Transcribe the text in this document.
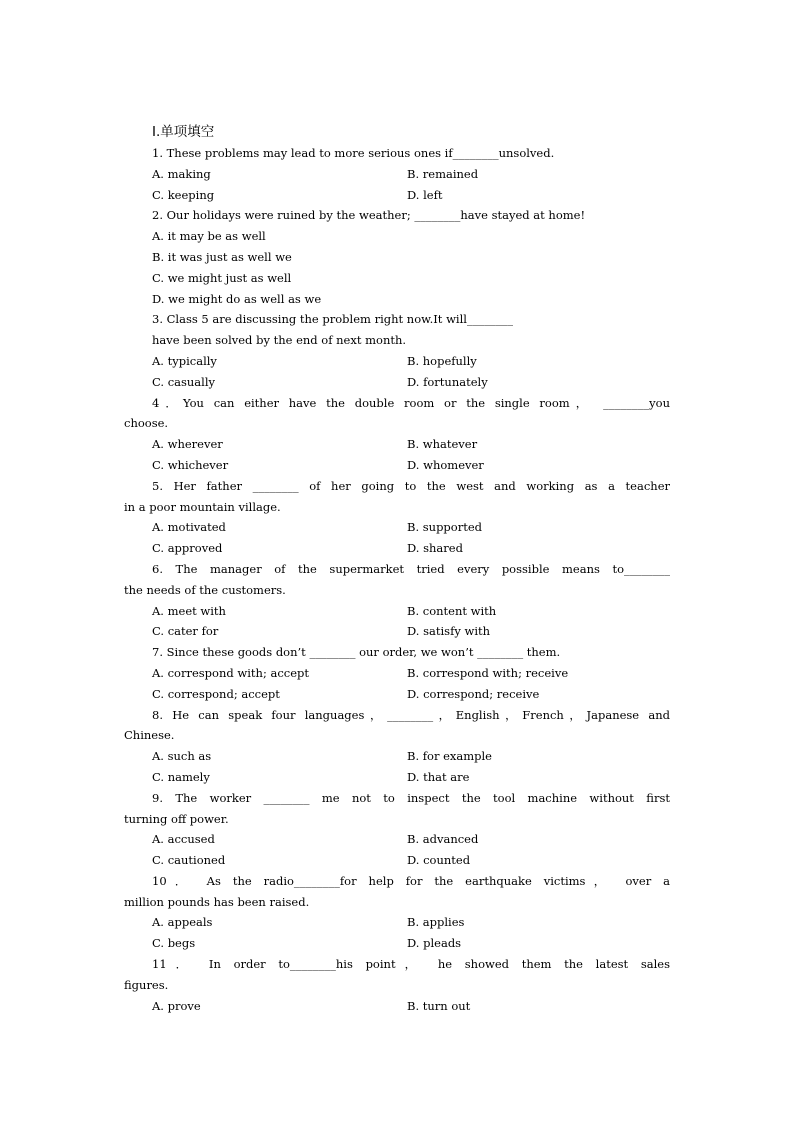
Ⅰ.单项填空
1. These problems may lead to more serious ones if________unsolved.
A. making	B. remained
C. keeping	D. left
2. Our holidays were ruined by the weather; ________have stayed at home!
A. it may be as well
B. it was just as well we
C. we might just as well
D. we might do as well as we
3. Class 5 are discussing the problem right now.It will________
have been solved by the end of next month.
A. typically	B. hopefully
C. casually	D. fortunately
4．You can either have the double room or the single room， ________you
choose.
A. wherever	B. whatever
C. whichever	D. whomever
5. Her father ________ of her going to the west and working as a teacher
in a poor mountain village.
A. motivated	B. supported
C. approved	D. shared
6. The manager of the supermarket tried every possible means to________
the needs of the customers.
A. meet with	B. content with
C. cater for	D. satisfy with
7. Since these goods don’t ________ our order, we won’t ________ them.
A. correspond with; accept	B. correspond with; receive
C. correspond; accept	D. correspond; receive
8. He can speak four languages，________，English，French，Japanese and
Chinese.
A. such as	B. for example
C. namely	D. that are
9. The worker ________ me not to inspect the tool machine without first
turning off power.
A. accused	B. advanced
C. cautioned	D. counted
10． As the radio________for help for the earthquake victims， over a
million pounds has been raised.
A. appeals	B. applies
C. begs	D. pleads
11． In order to________his point， he showed them the latest sales
figures.
A. prove	B. turn out
